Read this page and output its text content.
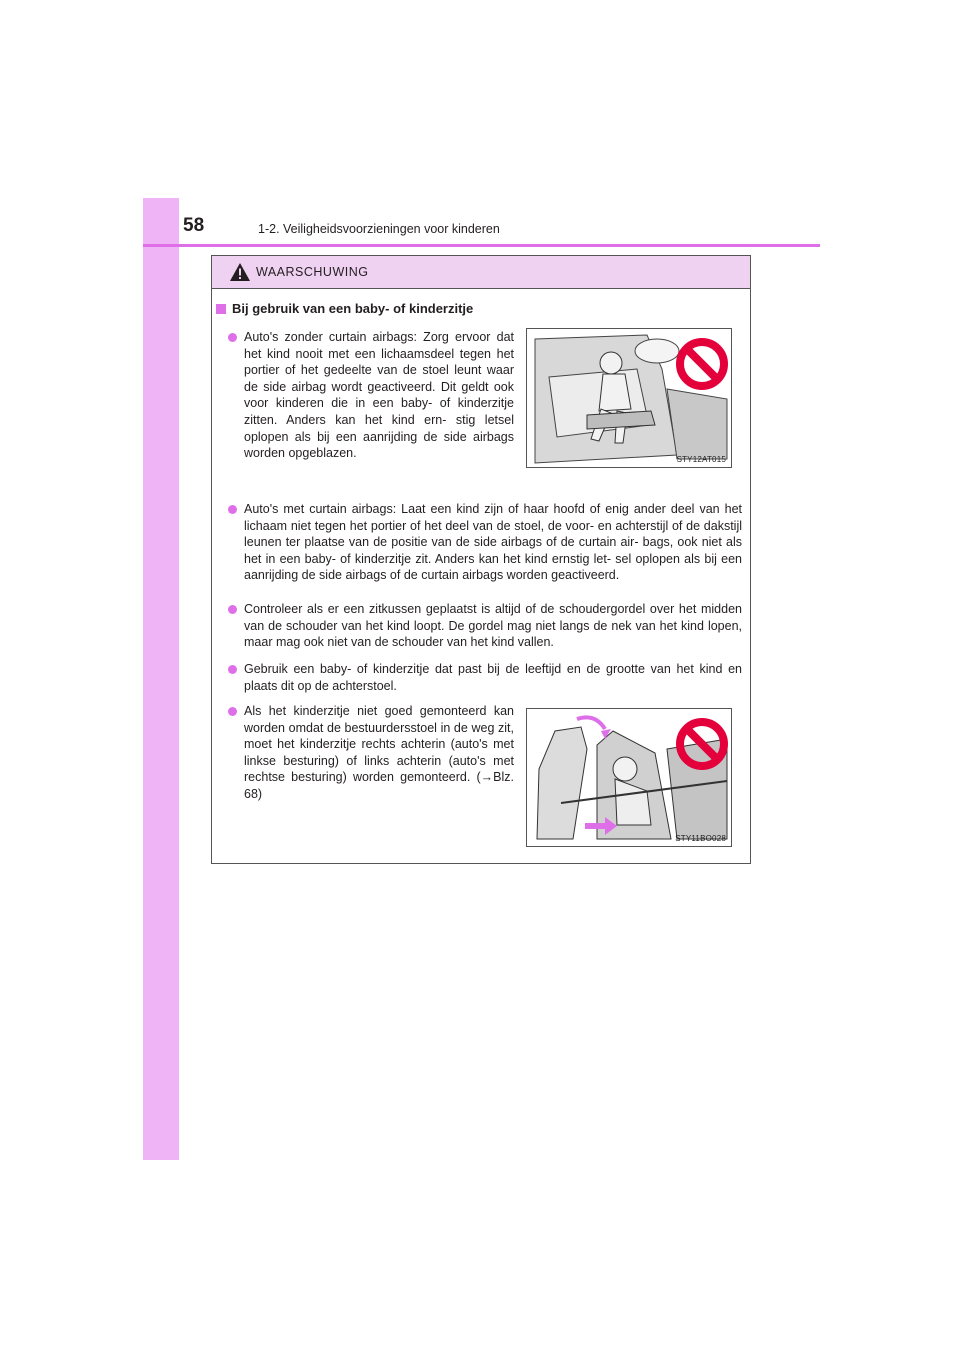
58	1-2. Veiligheidsvoorzieningen voor kinderen
WAARSCHUWING
Bij gebruik van een baby- of kinderzitje
Auto's zonder curtain airbags: Zorg ervoor dat het kind nooit met een lichaamsdeel tegen het portier of het gedeelte van de stoel leunt waar de side airbag wordt geactiveerd. Dit geldt ook voor kinderen die in een baby- of kinderzitje zitten. Anders kan het kind ern- stig letsel oplopen als bij een aanrijding de side airbags worden opgeblazen.	STY12AT015
Auto's met curtain airbags: Laat een kind zijn of haar hoofd of enig ander deel van het lichaam niet tegen het portier of het deel van de stoel, de voor- en achterstijl of de dakstijl leunen ter plaatse van de positie van de side airbags of de curtain air- bags, ook niet als het in een baby- of kinderzitje zit. Anders kan het kind ernstig let- sel oplopen als bij een aanrijding de side airbags of de curtain airbags worden geactiveerd.
Controleer als er een zitkussen geplaatst is altijd of de schoudergordel over het midden van de schouder van het kind loopt. De gordel mag niet langs de nek van het kind lopen, maar mag ook niet van de schouder van het kind vallen.
Gebruik een baby- of kinderzitje dat past bij de leeftijd en de grootte van het kind en plaats dit op de achterstoel.
Als het kinderzitje niet goed gemonteerd kan worden omdat de bestuurdersstoel in de weg zit, moet het kinderzitje rechts achterin (auto's met linkse besturing) of links achterin (auto's met rechtse besturing) worden gemonteerd. (→Blz. 68)
STY11BO028
